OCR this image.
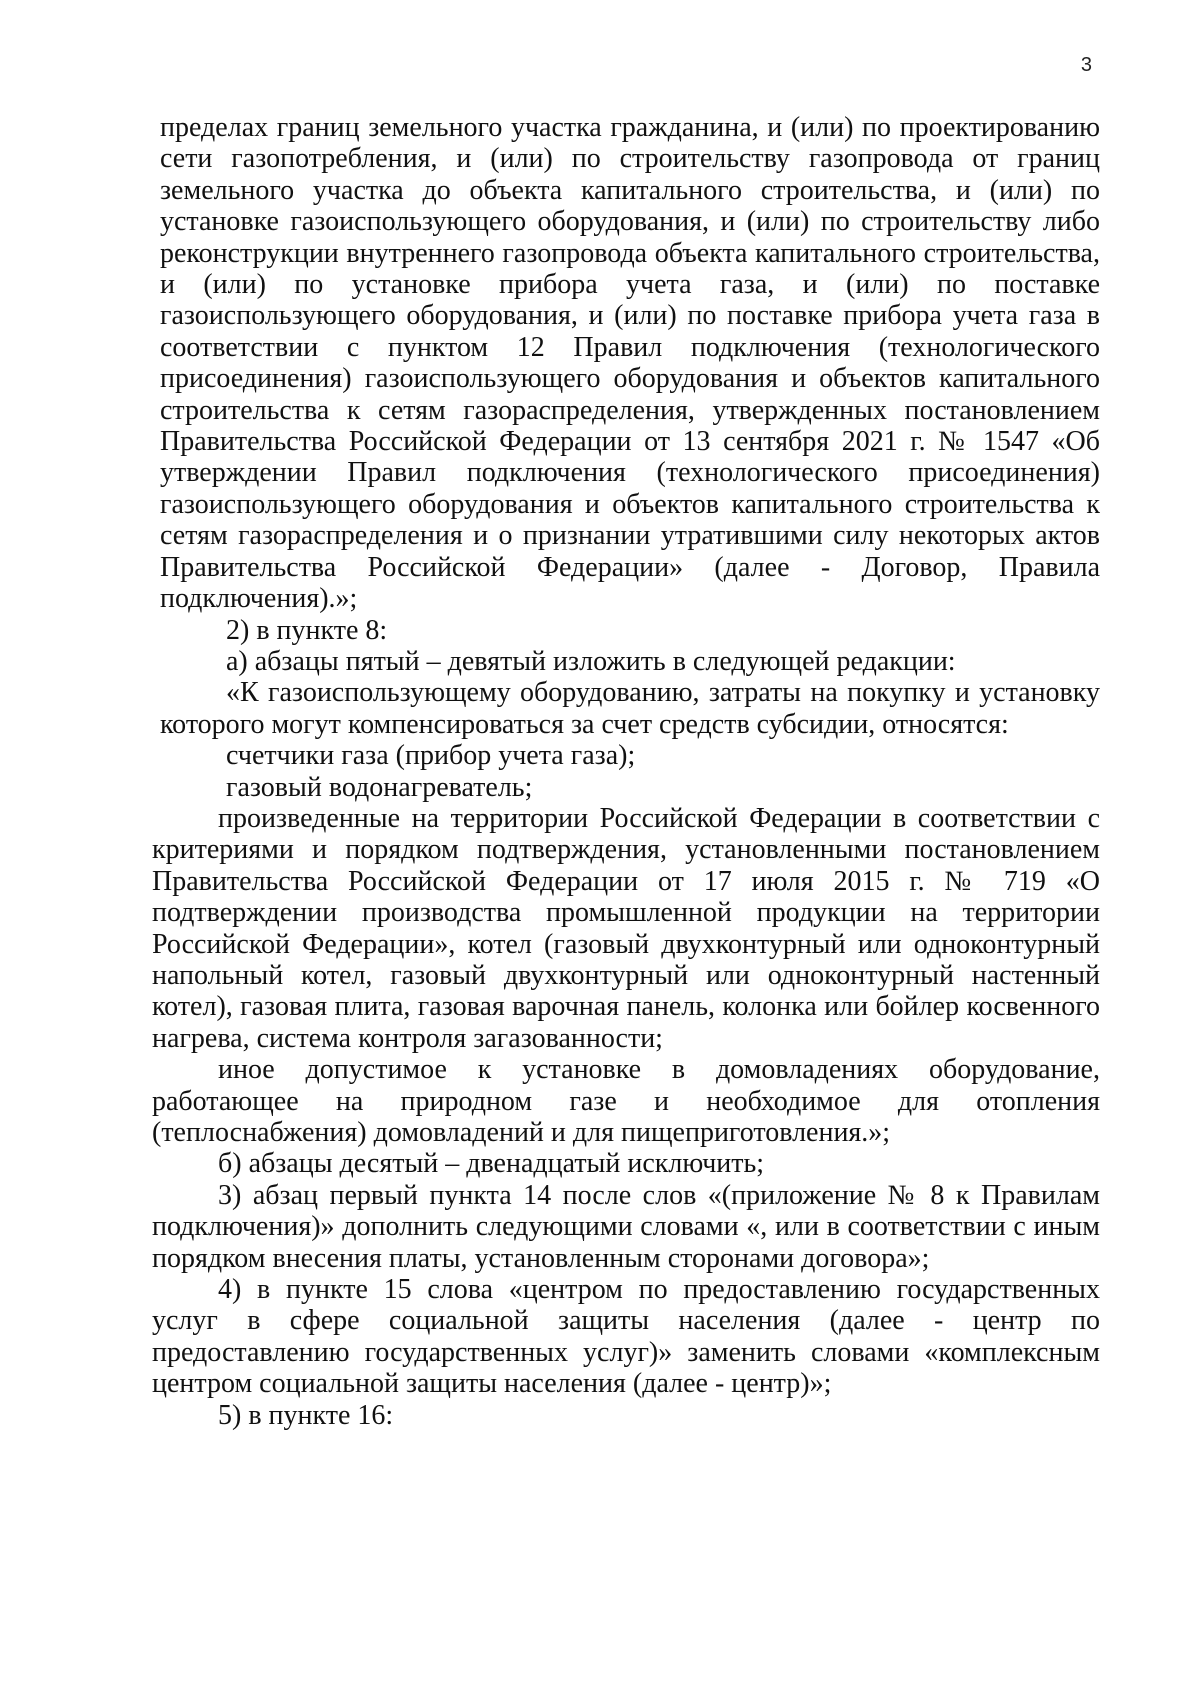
3

пределах границ земельного участка гражданина, и (или) по проектированию сети газопотребления, и (или) по строительству газопровода от границ земельного участка до объекта капитального строительства, и (или) по установке газоиспользующего оборудования, и (или) по строительству либо реконструкции внутреннего газопровода объекта капитального строительства, и (или) по установке прибора учета газа, и (или) по поставке газоиспользующего оборудования, и (или) по поставке прибора учета газа в соответствии с пунктом 12 Правил подключения (технологического присоединения) газоиспользующего оборудования и объектов капитального строительства к сетям газораспределения, утвержденных постановлением Правительства Российской Федерации от 13 сентября 2021 г. № 1547 «Об утверждении Правил подключения (технологического присоединения) газоиспользующего оборудования и объектов капитального строительства к сетям газораспределения и о признании утратившими силу некоторых актов Правительства Российской Федерации» (далее - Договор, Правила подключения).»;

2) в пункте 8:

а) абзацы пятый – девятый изложить в следующей редакции:

«К газоиспользующему оборудованию, затраты на покупку и установку которого могут компенсироваться за счет средств субсидии, относятся:

счетчики газа (прибор учета газа);

газовый водонагреватель;

произведенные на территории Российской Федерации в соответствии с критериями и порядком подтверждения, установленными постановлением Правительства Российской Федерации от 17 июля 2015 г. № 719 «О подтверждении производства промышленной продукции на территории Российской Федерации», котел (газовый двухконтурный или одноконтурный напольный котел, газовый двухконтурный или одноконтурный настенный котел), газовая плита, газовая варочная панель, колонка или бойлер косвенного нагрева, система контроля загазованности;

иное допустимое к установке в домовладениях оборудование, работающее на природном газе и необходимое для отопления (теплоснабжения) домовладений и для пищеприготовления.»;

б) абзацы десятый – двенадцатый исключить;

3) абзац первый пункта 14 после слов «(приложение № 8 к Правилам подключения)» дополнить следующими словами «, или в соответствии с иным порядком внесения платы, установленным сторонами договора»;

4) в пункте 15 слова «центром по предоставлению государственных услуг в сфере социальной защиты населения (далее - центр по предоставлению государственных услуг)» заменить словами «комплексным центром социальной защиты населения (далее - центр)»;

5) в пункте 16:
